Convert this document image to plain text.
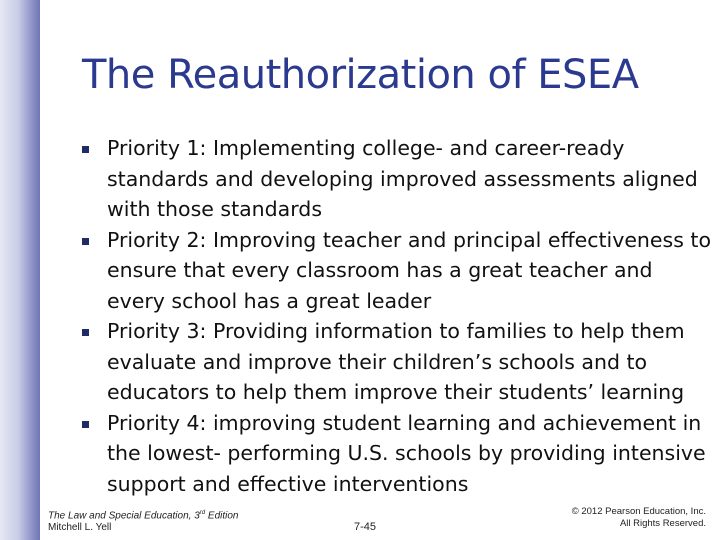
The Reauthorization of ESEA
Priority 1: Implementing college- and career-ready standards and developing improved assessments aligned with those standards
Priority 2: Improving teacher and principal effectiveness to ensure that every classroom has a great teacher and every school has a great leader
Priority 3: Providing information to families to help them evaluate and improve their children’s schools and to educators to help them improve their students’ learning
Priority 4: improving student learning and achievement in the lowest- performing U.S. schools by providing intensive support and effective interventions
The Law and Special Education, 3rd Edition
Mitchell L. Yell	7-45
© 2012 Pearson Education, Inc.
All Rights Reserved.
